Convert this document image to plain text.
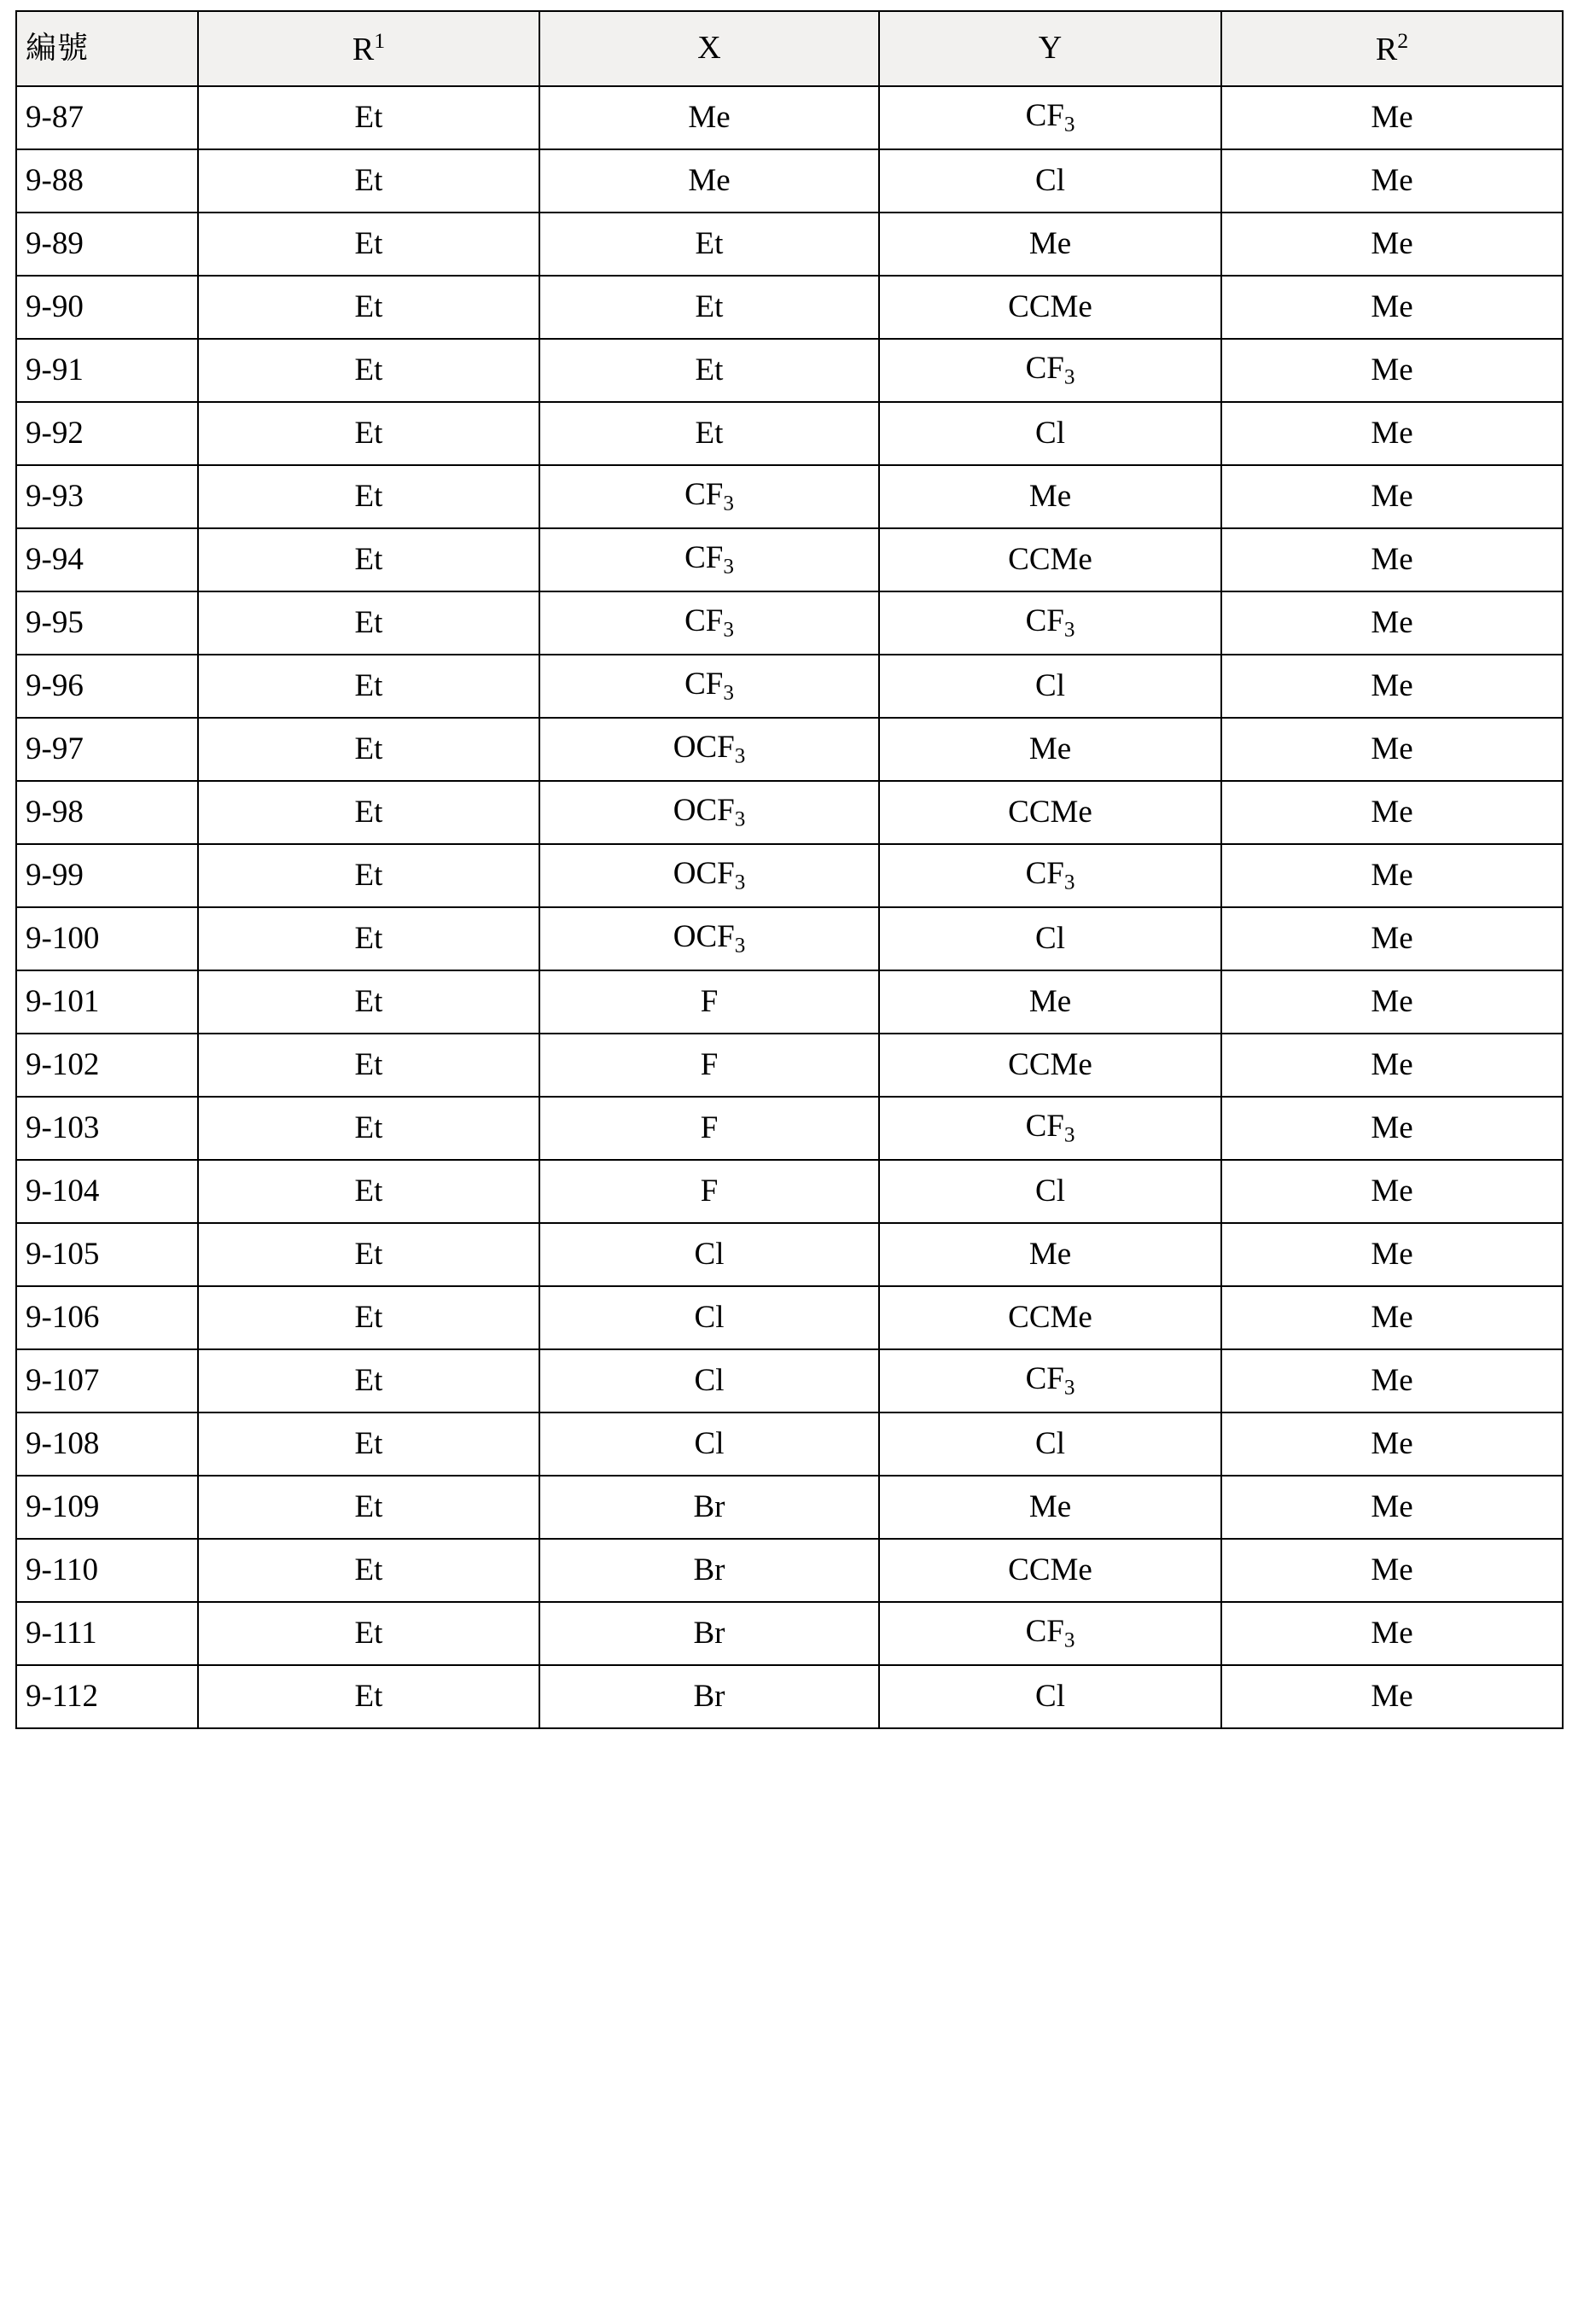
編號	$R^1$	X	Y	$R^2$
9-87	Et	Me	$CF_3$	Me
9-88	Et	Me	Cl	Me
9-89	Et	Et	Me	Me
9-90	Et	Et	CCMe	Me
9-91	Et	Et	$CF_3$	Me
9-92	Et	Et	Cl	Me
9-93	Et	$CF_3$	Me	Me
9-94	Et	$CF_3$	CCMe	Me
9-95	Et	$CF_3$	$CF_3$	Me
9-96	Et	$CF_3$	Cl	Me
9-97	Et	$OCF_3$	Me	Me
9-98	Et	$OCF_3$	CCMe	Me
9-99	Et	$OCF_3$	$CF_3$	Me
9-100	Et	$OCF_3$	Cl	Me
9-101	Et	F	Me	Me
9-102	Et	F	CCMe	Me
9-103	Et	F	$CF_3$	Me
9-104	Et	F	Cl	Me
9-105	Et	Cl	Me	Me
9-106	Et	Cl	CCMe	Me
9-107	Et	Cl	$CF_3$	Me
9-108	Et	Cl	Cl	Me
9-109	Et	Br	Me	Me
9-110	Et	Br	CCMe	Me
9-111	Et	Br	$CF_3$	Me
9-112	Et	Br	Cl	Me
